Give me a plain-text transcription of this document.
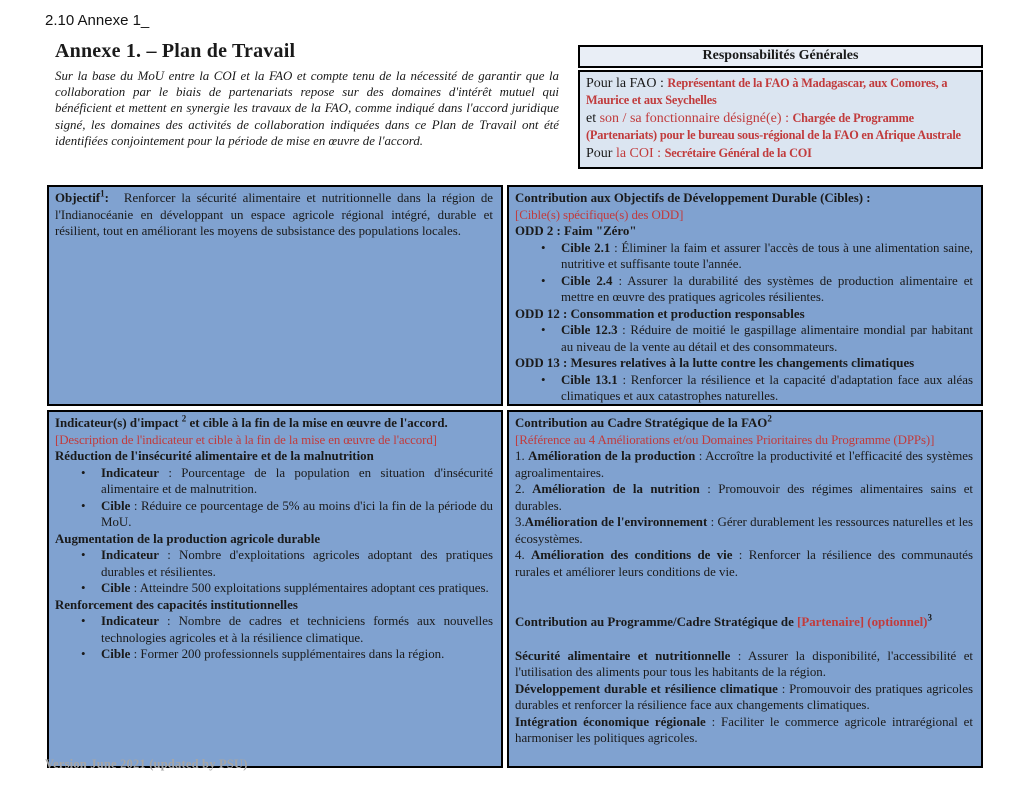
2.10 Annexe 1_
Annexe 1. – Plan de Travail

Sur la base du MoU entre la COI et la FAO et compte tenu de la nécessité de garantir que la collaboration par le biais de partenariats repose sur des domaines d'intérêt mutuel qui bénéficient et mettent en synergie les travaux de la FAO, comme indiqué dans l'accord juridique signé, les domaines des activités de collaboration indiquées dans ce Plan de Travail ont été identifiées conjointement pour la période de mise en œuvre de l'accord.

Responsabilités Générales

Pour la FAO : Représentant de la FAO à Madagascar, aux Comores, a Maurice et aux Seychelles

et son / sa fonctionnaire désigné(e) : Chargée de Programme (Partenariats) pour le bureau sous-régional de la FAO en Afrique Australe

Pour la COI : Secrétaire Général de la COI

Objectif$^1$: Renforcer la sécurité alimentaire et nutritionnelle dans la région de l'Indianocéanie en développant un espace agricole régional intégré, durable et résilient, tout en améliorant les moyens de subsistance des populations locales.

Contribution aux Objectifs de Développement Durable (Cibles) :

[Cible(s) spécifique(s) des ODD]

ODD 2 : Faim "Zéro"

• Cible 2.1 : Éliminer la faim et assurer l'accès de tous à une alimentation saine, nutritive et suffisante toute l'année.
• Cible 2.4 : Assurer la durabilité des systèmes de production alimentaire et mettre en œuvre des pratiques agricoles résilientes.

ODD 12 : Consommation et production responsables

• Cible 12.3 : Réduire de moitié le gaspillage alimentaire mondial par habitant au niveau de la vente au détail et des consommateurs.

ODD 13 : Mesures relatives à la lutte contre les changements climatiques

• Cible 13.1 : Renforcer la résilience et la capacité d'adaptation face aux aléas climatiques et aux catastrophes naturelles.

Indicateur(s) d'impact $^2$ et cible à la fin de la mise en œuvre de l'accord.

[Description de l'indicateur et cible à la fin de la mise en œuvre de l'accord]

Réduction de l'insécurité alimentaire et de la malnutrition

• Indicateur : Pourcentage de la population en situation d'insécurité alimentaire et de malnutrition.
• Cible : Réduire ce pourcentage de 5% au moins d'ici la fin de la période du MoU.

Augmentation de la production agricole durable

• Indicateur : Nombre d'exploitations agricoles adoptant des pratiques durables et résilientes.
• Cible : Atteindre 500 exploitations supplémentaires adoptant ces pratiques.

Renforcement des capacités institutionnelles

• Indicateur : Nombre de cadres et techniciens formés aux nouvelles technologies agricoles et à la résilience climatique.
• Cible : Former 200 professionnels supplémentaires dans la région.

Contribution au Cadre Stratégique de la FAO$^2$

[Référence au 4 Améliorations et/ou Domaines Prioritaires du Programme (DPPs)]

1. Amélioration de la production : Accroître la productivité et l'efficacité des systèmes agroalimentaires.

2. Amélioration de la nutrition : Promouvoir des régimes alimentaires sains et durables.

3.Amélioration de l'environnement : Gérer durablement les ressources naturelles et les écosystèmes.

4. Amélioration des conditions de vie : Renforcer la résilience des communautés rurales et améliorer leurs conditions de vie.

Contribution au Programme/Cadre Stratégique de [Partenaire] (optionnel)$^3$

Sécurité alimentaire et nutritionnelle : Assurer la disponibilité, l'accessibilité et l'utilisation des aliments pour tous les habitants de la région.

Développement durable et résilience climatique : Promouvoir des pratiques agricoles durables et renforcer la résilience face aux changements climatiques.

Intégration économique régionale : Faciliter le commerce agricole intrarégional et harmoniser les politiques agricoles.

Version June 2021 (updated by PSU)
